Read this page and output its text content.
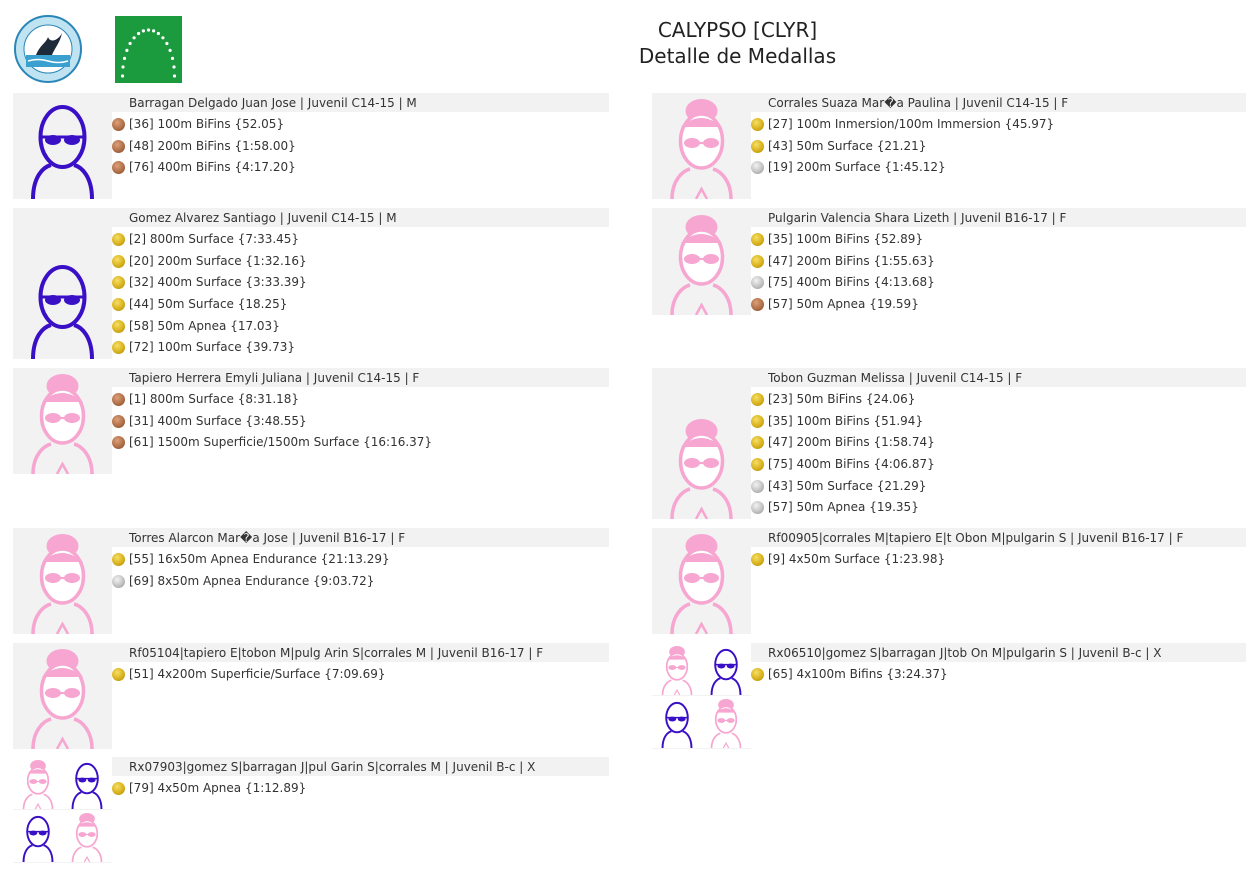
CALYPSO [CLYR]
Detalle de Medallas
Barragan Delgado Juan Jose | Juvenil C14-15 | M
[36] 100m BiFins {52.05}
[48] 200m BiFins {1:58.00}
[76] 400m BiFins {4:17.20}
Corrales Suaza Mar�a Paulina | Juvenil C14-15 | F
[27] 100m Inmersion/100m Immersion {45.97}
[43] 50m Surface {21.21}
[19] 200m Surface {1:45.12}
Gomez Alvarez Santiago | Juvenil C14-15 | M
[2] 800m Surface {7:33.45}
[20] 200m Surface {1:32.16}
[32] 400m Surface {3:33.39}
[44] 50m Surface {18.25}
[58] 50m Apnea {17.03}
[72] 100m Surface {39.73}
Pulgarin Valencia Shara Lizeth | Juvenil B16-17 | F
[35] 100m BiFins {52.89}
[47] 200m BiFins {1:55.63}
[75] 400m BiFins {4:13.68}
[57] 50m Apnea {19.59}
Tapiero Herrera Emyli Juliana | Juvenil C14-15 | F
[1] 800m Surface {8:31.18}
[31] 400m Surface {3:48.55}
[61] 1500m Superficie/1500m Surface {16:16.37}
Tobon Guzman Melissa | Juvenil C14-15 | F
[23] 50m BiFins {24.06}
[35] 100m BiFins {51.94}
[47] 200m BiFins {1:58.74}
[75] 400m BiFins {4:06.87}
[43] 50m Surface {21.29}
[57] 50m Apnea {19.35}
Torres Alarcon Mar�a Jose | Juvenil B16-17 | F
[55] 16x50m Apnea Endurance {21:13.29}
[69] 8x50m Apnea Endurance {9:03.72}
Rf00905|corrales M|tapiero E|t Obon M|pulgarin S | Juvenil B16-17 | F
[9] 4x50m Surface {1:23.98}
Rf05104|tapiero E|tobon M|pulg Arin S|corrales M | Juvenil B16-17 | F
[51] 4x200m Superficie/Surface {7:09.69}
Rx06510|gomez S|barragan J|tob On M|pulgarin S | Juvenil B-c | X
[65] 4x100m Bifins {3:24.37}
Rx07903|gomez S|barragan J|pul Garin S|corrales M | Juvenil B-c | X
[79] 4x50m Apnea {1:12.89}
